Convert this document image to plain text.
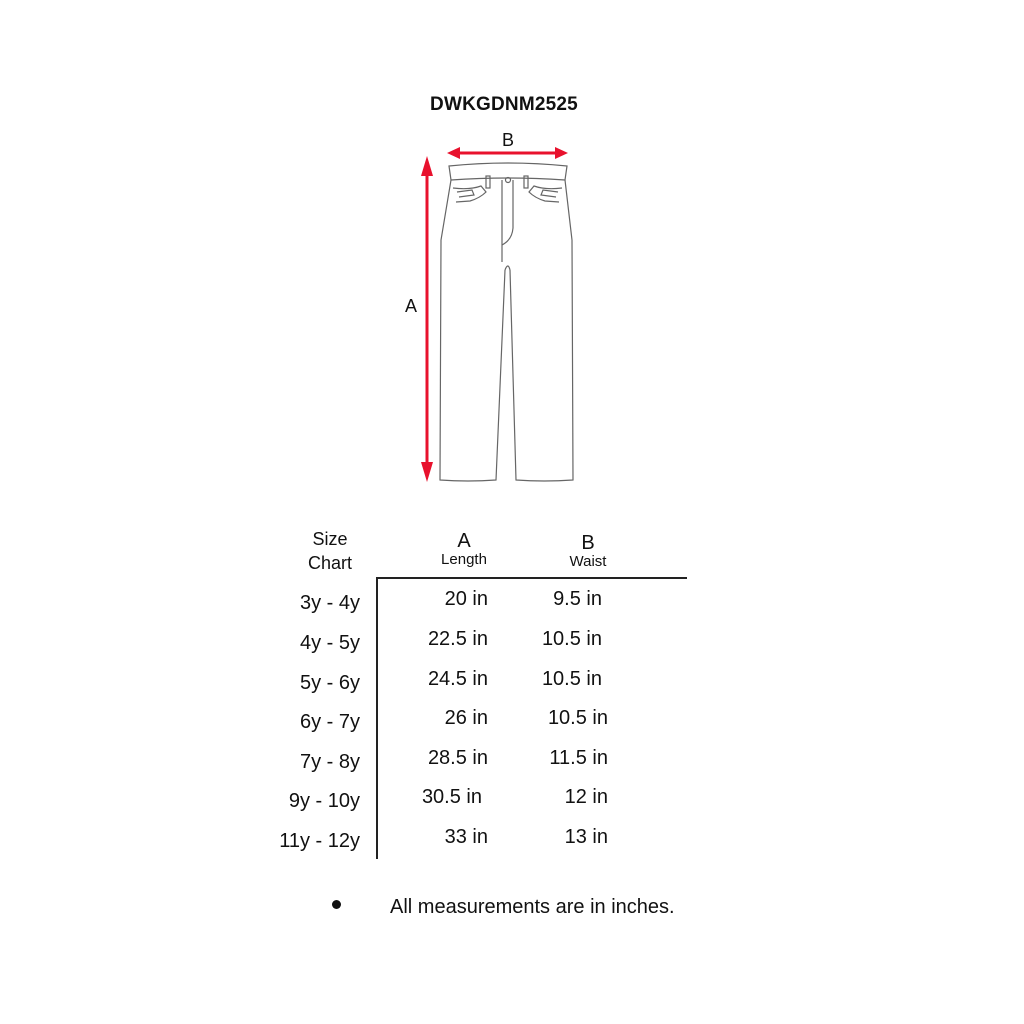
DWKGDNM2525
B
A
Size
Chart
A
Length
B
Waist
3y - 4y	20 in	9.5 in
4y - 5y	22.5 in	10.5 in
5y - 6y	24.5 in	10.5 in
6y - 7y	26 in	10.5 in
7y - 8y	28.5 in	11.5 in
9y - 10y	30.5 in	12 in
11y - 12y	33 in	13 in
All measurements are in inches.
